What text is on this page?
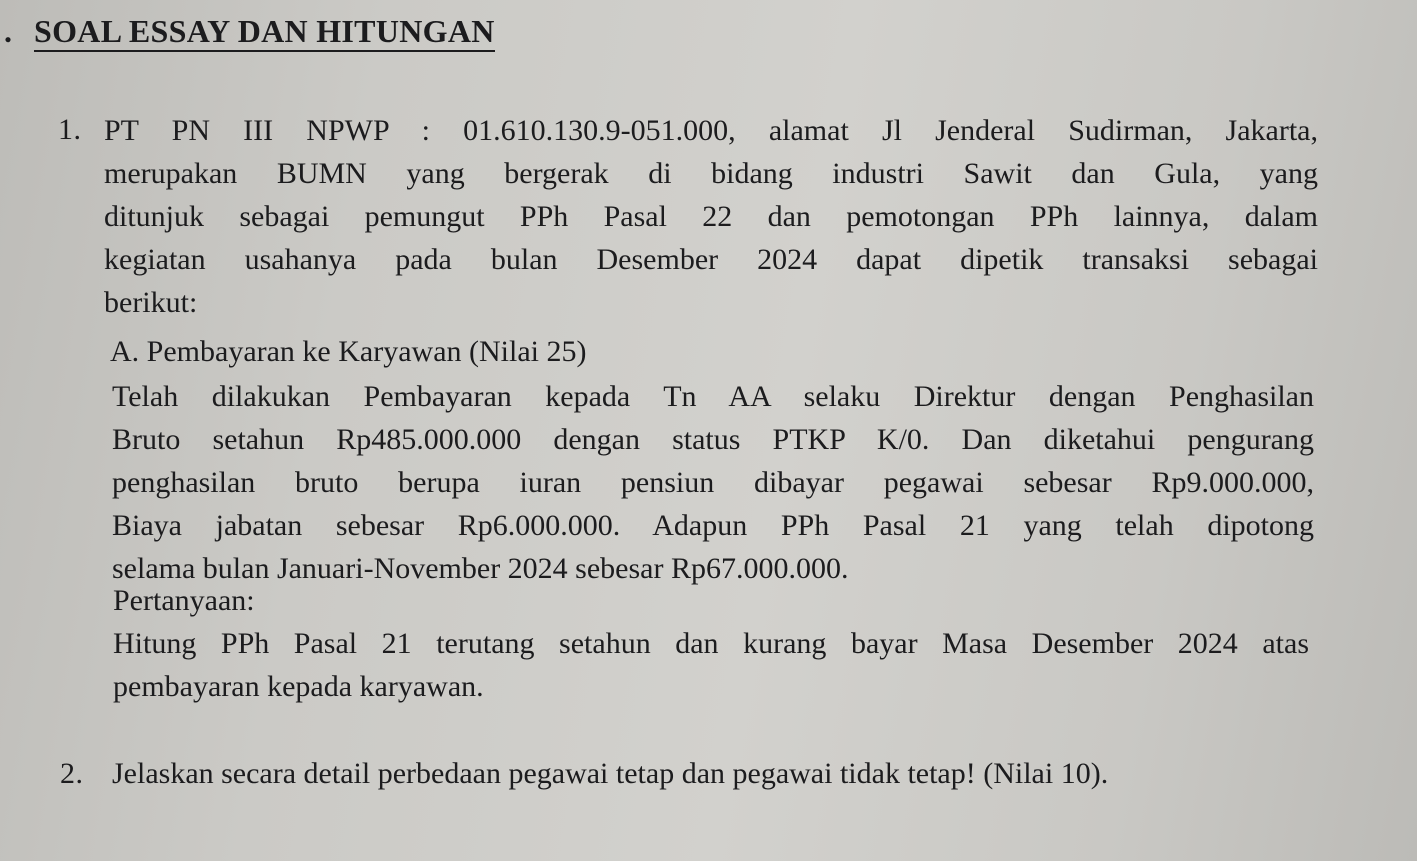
. SOAL ESSAY DAN HITUNGAN
1. PT PN III NPWP : 01.610.130.9-051.000, alamat Jl Jenderal Sudirman, Jakarta,
merupakan BUMN yang bergerak di bidang industri Sawit dan Gula, yang
ditunjuk sebagai pemungut PPh Pasal 22 dan pemotongan PPh lainnya, dalam
kegiatan usahanya pada bulan Desember 2024 dapat dipetik transaksi sebagai
berikut:
A. Pembayaran ke Karyawan (Nilai 25)
Telah dilakukan Pembayaran kepada Tn AA selaku Direktur dengan Penghasilan
Bruto setahun Rp485.000.000 dengan status PTKP K/0. Dan diketahui pengurang
penghasilan bruto berupa iuran pensiun dibayar pegawai sebesar Rp9.000.000,
Biaya jabatan sebesar Rp6.000.000. Adapun PPh Pasal 21 yang telah dipotong
selama bulan Januari-November 2024 sebesar Rp67.000.000.
Pertanyaan:
Hitung PPh Pasal 21 terutang setahun dan kurang bayar Masa Desember 2024 atas
pembayaran kepada karyawan.
2. Jelaskan secara detail perbedaan pegawai tetap dan pegawai tidak tetap! (Nilai 10).
